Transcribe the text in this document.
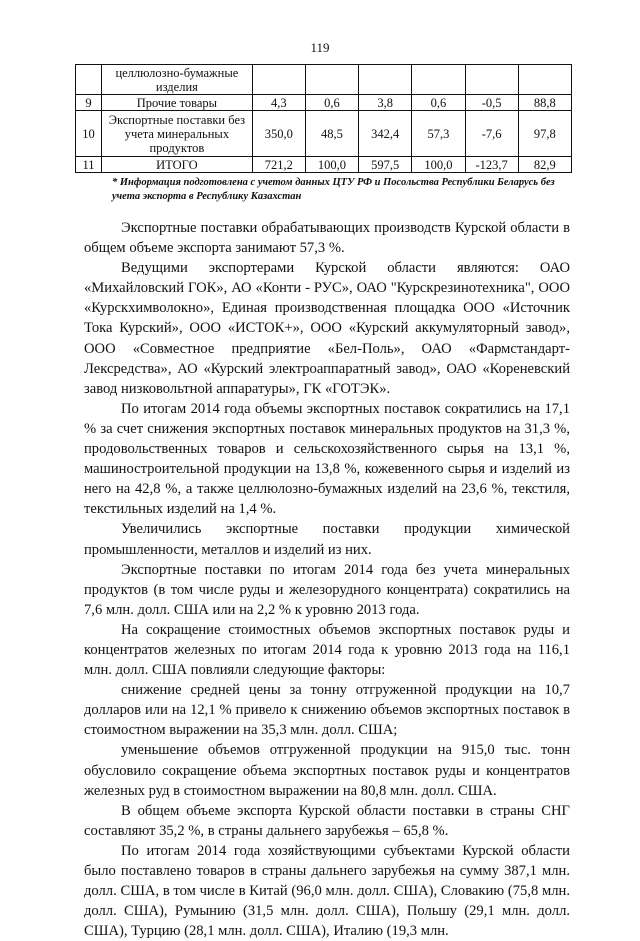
119
	целлюлозно-бумажные изделия						
9	Прочие товары	4,3	0,6	3,8	0,6	-0,5	88,8
10	Экспортные поставки без учета минеральных продуктов	350,0	48,5	342,4	57,3	-7,6	97,8
11	ИТОГО	721,2	100,0	597,5	100,0	-123,7	82,9
* Информация подготовлена с учетом данных ЦТУ РФ и Посольства Республики Беларусь без учета экспорта в Республику Казахстан

Экспортные поставки обрабатывающих производств Курской области в общем объеме экспорта занимают 57,3 %.

Ведущими экспортерами Курской области являются: ОАО «Михайловский ГОК», АО «Конти - РУС», ОАО "Курскрезинотехника", ООО «Курскхимволокно», Единая производственная площадка ООО «Источник Тока Курский», ООО «ИСТОК+», ООО «Курский аккумуляторный завод», ООО «Совместное предприятие «Бел-Поль», ОАО «Фармстандарт-Лексредства», АО «Курский электроаппаратный завод», ОАО «Кореневский завод низковольтной аппаратуры», ГК «ГОТЭК».

По итогам 2014 года объемы экспортных поставок сократились на 17,1 % за счет снижения экспортных поставок минеральных продуктов на 31,3 %, продовольственных товаров и сельскохозяйственного сырья на 13,1 %, машиностроительной продукции на 13,8 %, кожевенного сырья и изделий из него на 42,8 %, а также целлюлозно-бумажных изделий на 23,6 %, текстиля, текстильных изделий на 1,4 %.

Увеличились экспортные поставки продукции химической промышленности, металлов и изделий из них.

Экспортные поставки по итогам 2014 года без учета минеральных продуктов (в том числе руды и железорудного концентрата) сократились на 7,6 млн. долл. США или на 2,2 % к уровню 2013 года.

На сокращение стоимостных объемов экспортных поставок руды и концентратов железных по итогам 2014 года к уровню 2013 года на 116,1 млн. долл. США повлияли следующие факторы:

снижение средней цены за тонну отгруженной продукции на 10,7 долларов или на 12,1 % привело к снижению объемов экспортных поставок в стоимостном выражении на 35,3 млн. долл. США;

уменьшение объемов отгруженной продукции на 915,0 тыс. тонн обусловило сокращение объема экспортных поставок руды и концентратов железных руд в стоимостном выражении на 80,8 млн. долл. США.

В общем объеме экспорта Курской области поставки в страны СНГ составляют 35,2 %, в страны дальнего зарубежья – 65,8 %.

По итогам 2014 года хозяйствующими субъектами Курской области было поставлено товаров в страны дальнего зарубежья на сумму 387,1 млн. долл. США, в том числе в Китай (96,0 млн. долл. США), Словакию (75,8 млн. долл. США), Румынию (31,5 млн. долл. США), Польшу (29,1 млн. долл. США), Турцию (28,1 млн. долл. США), Италию (19,3 млн.
